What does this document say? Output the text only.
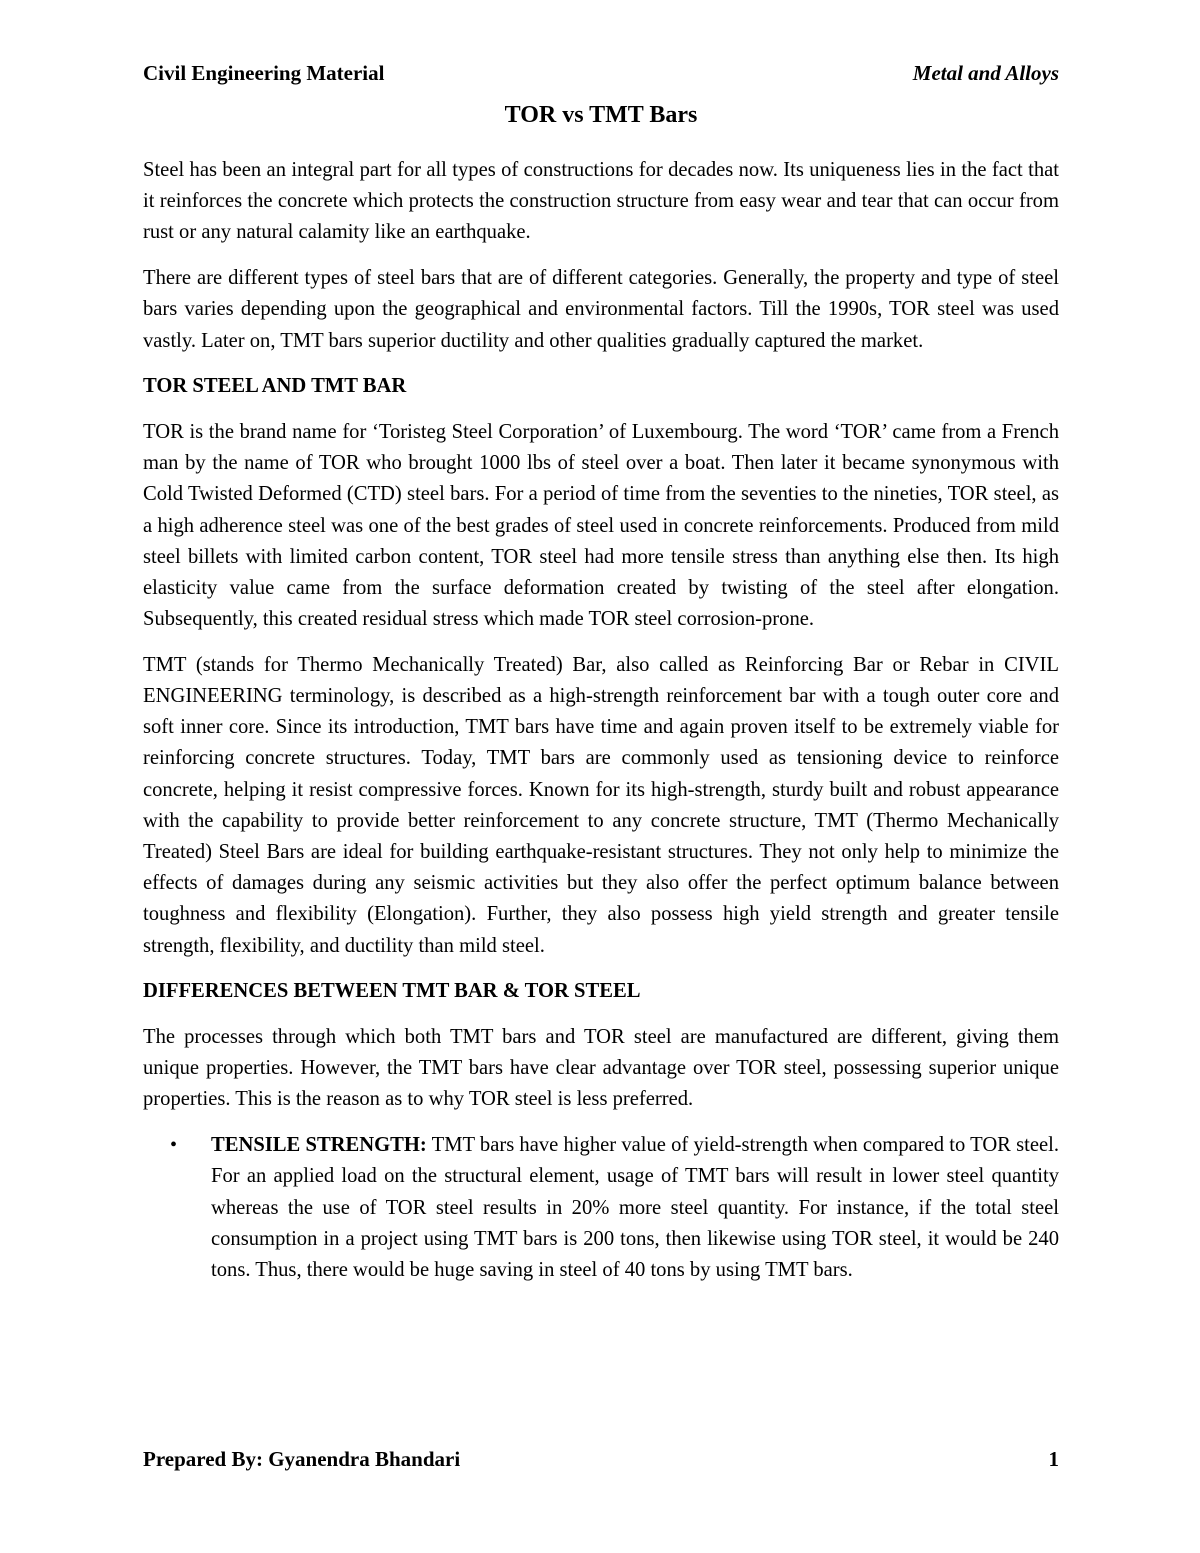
Civil Engineering Material	Metal and Alloys
TOR vs TMT Bars

Steel has been an integral part for all types of constructions for decades now. Its uniqueness lies in the fact that it reinforces the concrete which protects the construction structure from easy wear and tear that can occur from rust or any natural calamity like an earthquake.

There are different types of steel bars that are of different categories. Generally, the property and type of steel bars varies depending upon the geographical and environmental factors. Till the 1990s, TOR steel was used vastly. Later on, TMT bars superior ductility and other qualities gradually captured the market.

TOR STEEL AND TMT BAR

TOR is the brand name for ‘Toristeg Steel Corporation’ of Luxembourg. The word ‘TOR’ came from a French man by the name of TOR who brought 1000 lbs of steel over a boat. Then later it became synonymous with Cold Twisted Deformed (CTD) steel bars. For a period of time from the seventies to the nineties, TOR steel, as a high adherence steel was one of the best grades of steel used in concrete reinforcements. Produced from mild steel billets with limited carbon content, TOR steel had more tensile stress than anything else then. Its high elasticity value came from the surface deformation created by twisting of the steel after elongation. Subsequently, this created residual stress which made TOR steel corrosion-prone.

TMT (stands for Thermo Mechanically Treated) Bar, also called as Reinforcing Bar or Rebar in CIVIL ENGINEERING terminology, is described as a high-strength reinforcement bar with a tough outer core and soft inner core. Since its introduction, TMT bars have time and again proven itself to be extremely viable for reinforcing concrete structures. Today, TMT bars are commonly used as tensioning device to reinforce concrete, helping it resist compressive forces. Known for its high-strength, sturdy built and robust appearance with the capability to provide better reinforcement to any concrete structure, TMT (Thermo Mechanically Treated) Steel Bars are ideal for building earthquake-resistant structures. They not only help to minimize the effects of damages during any seismic activities but they also offer the perfect optimum balance between toughness and flexibility (Elongation). Further, they also possess high yield strength and greater tensile strength, flexibility, and ductility than mild steel.

DIFFERENCES BETWEEN TMT BAR & TOR STEEL

The processes through which both TMT bars and TOR steel are manufactured are different, giving them unique properties. However, the TMT bars have clear advantage over TOR steel, possessing superior unique properties. This is the reason as to why TOR steel is less preferred.

• TENSILE STRENGTH: TMT bars have higher value of yield-strength when compared to TOR steel. For an applied load on the structural element, usage of TMT bars will result in lower steel quantity whereas the use of TOR steel results in 20% more steel quantity. For instance, if the total steel consumption in a project using TMT bars is 200 tons, then likewise using TOR steel, it would be 240 tons. Thus, there would be huge saving in steel of 40 tons by using TMT bars.
Prepared By: Gyanendra Bhandari	1
